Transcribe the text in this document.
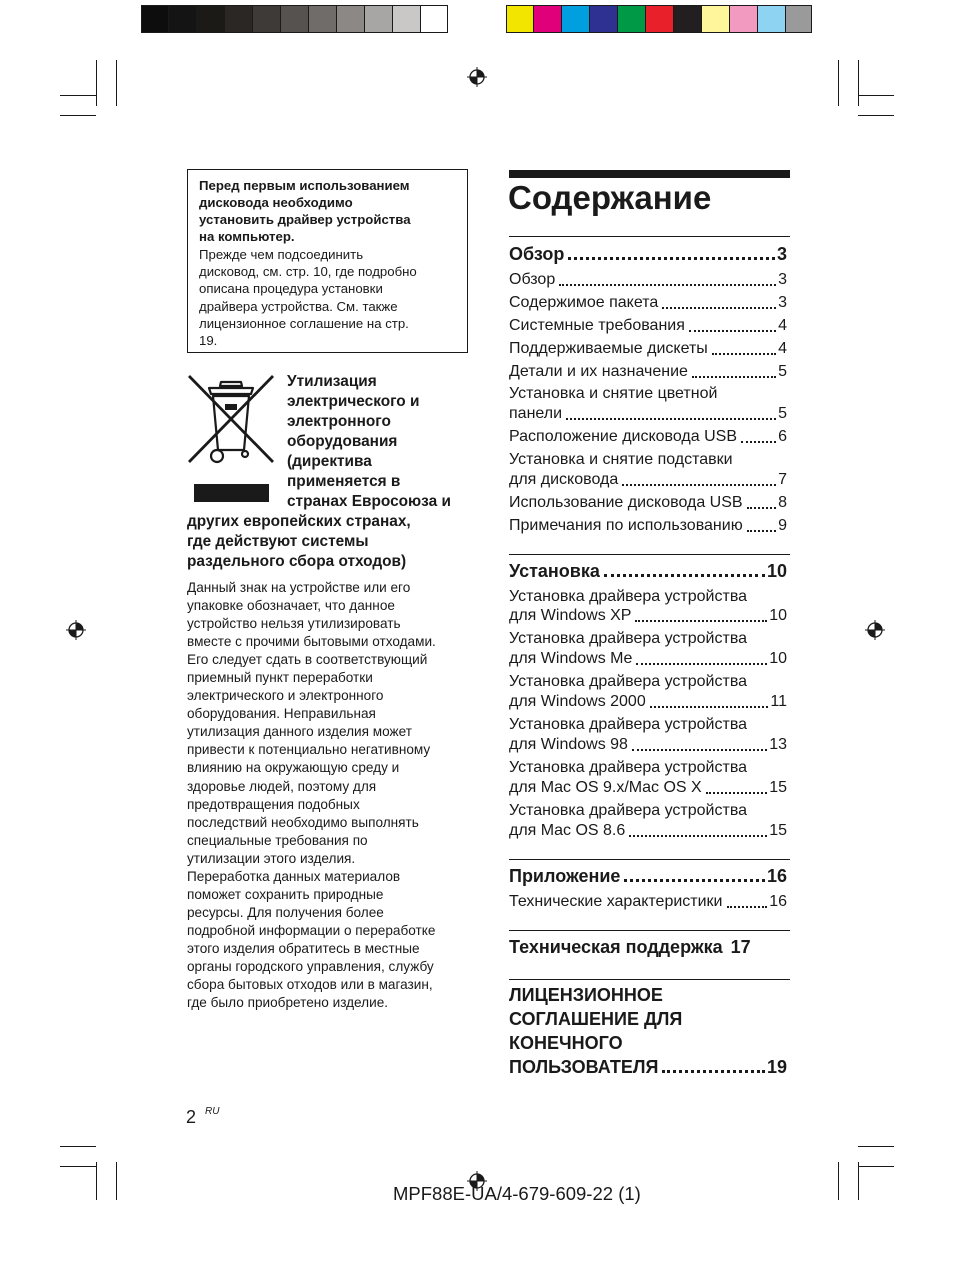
Перед первым использованием
дисковода необходимо
установить драйвер устройства
на компьютер.
Прежде чем подсоединить
дисковод, см. стр. 10, где подробно
описана процедура установки
драйвера устройства. См. также
лицензионное соглашение на стр.
19.
Утилизация
электрического и
электронного
оборудования
(директива
применяется в
странах Евросоюза и
других европейских странах,
где действуют системы
раздельного сбора отходов)
Данный знак на устройстве или его
упаковке обозначает, что данное
устройство нельзя утилизировать
вместе с прочими бытовыми отходами.
Его следует сдать в соответствующий
приемный пункт переработки
электрического и электронного
оборудования. Неправильная
утилизация данного изделия может
привести к потенциально негативному
влиянию на окружающую среду и
здоровье людей, поэтому для
предотвращения подобных
последствий необходимо выполнять
специальные требования по
утилизации этого изделия.
Переработка данных материалов
поможет сохранить природные
ресурсы. Для получения более
подробной информации о переработке
этого изделия обратитесь в местные
органы городского управления, службу
сбора бытовых отходов или в магазин,
где было приобретено изделие.
Содержание
Обзор	3
Обзор	3
Содержимое пакета	3
Системные требования	4
Поддерживаемые дискеты	4
Детали и их назначение	5
Установка и снятие цветной
панели	5
Расположение дисковода USB	6
Установка и снятие подставки
для дисковода	7
Использование дисковода USB 8
Примечания по использованию 9
Установка	10
Установка драйвера устройства
для Windows XP	10
Установка драйвера устройства
для Windows Me	10
Установка драйвера устройства
для Windows 2000	11
Установка драйвера устройства
для Windows 98	13
Установка драйвера устройства
для Mac OS 9.x/Mac OS X	15
Установка драйвера устройства
для Mac OS 8.6	15
Приложение	16
Технические характеристики	16
Техническая поддержка 17
ЛИЦЕНЗИОННОЕ
СОГЛАШЕНИЕ ДЛЯ
КОНЕЧНОГО
ПОЛЬЗОВАТЕЛЯ	19
2 RU
MPF88E-UA/4-679-609-22 (1)
